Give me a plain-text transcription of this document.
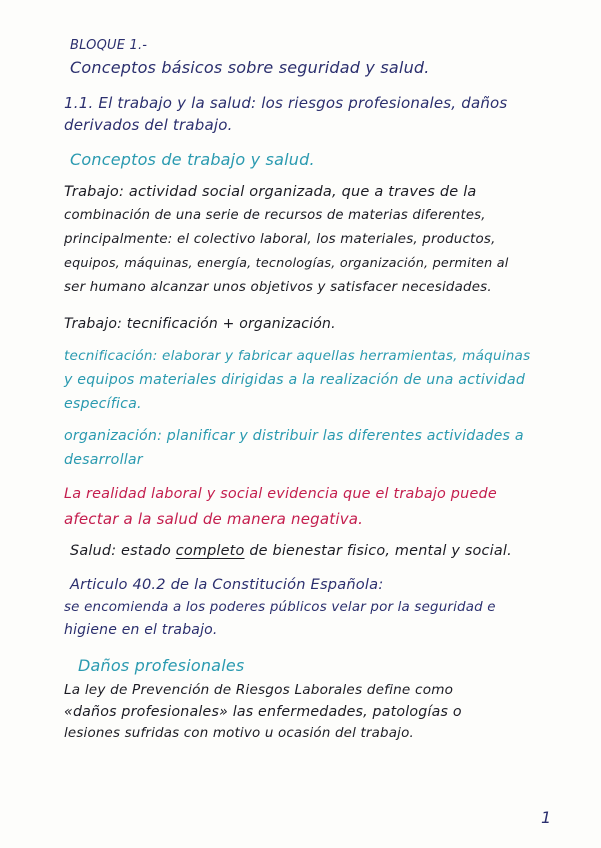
BLOQUE 1.-
Conceptos básicos sobre seguridad y salud.
1.1. El trabajo y la salud: los riesgos profesionales, daños
derivados del trabajo.
Conceptos de trabajo y salud.
Trabajo: actividad social organizada, que a traves de la
combinación de una serie de recursos de materias diferentes,
principalmente: el colectivo laboral, los materiales, productos,
equipos, máquinas, energía, tecnologías, organización, permiten al
ser humano alcanzar unos objetivos y satisfacer necesidades.
Trabajo: tecnificación + organización.
tecnificación: elaborar y fabricar aquellas herramientas, máquinas
y equipos materiales dirigidas a la realización de una actividad
específica.
organización: planificar y distribuir las diferentes actividades a
desarrollar
La realidad laboral y social evidencia que el trabajo puede
afectar a la salud de manera negativa.
Salud: estado completo de bienestar fisico, mental y social.
Articulo 40.2 de la Constitución Española:
se encomienda a los poderes públicos velar por la seguridad e
higiene en el trabajo.
Daños profesionales
La ley de Prevención de Riesgos Laborales define como
«daños profesionales» las enfermedades, patologías o
lesiones sufridas con motivo u ocasión del trabajo.
1
